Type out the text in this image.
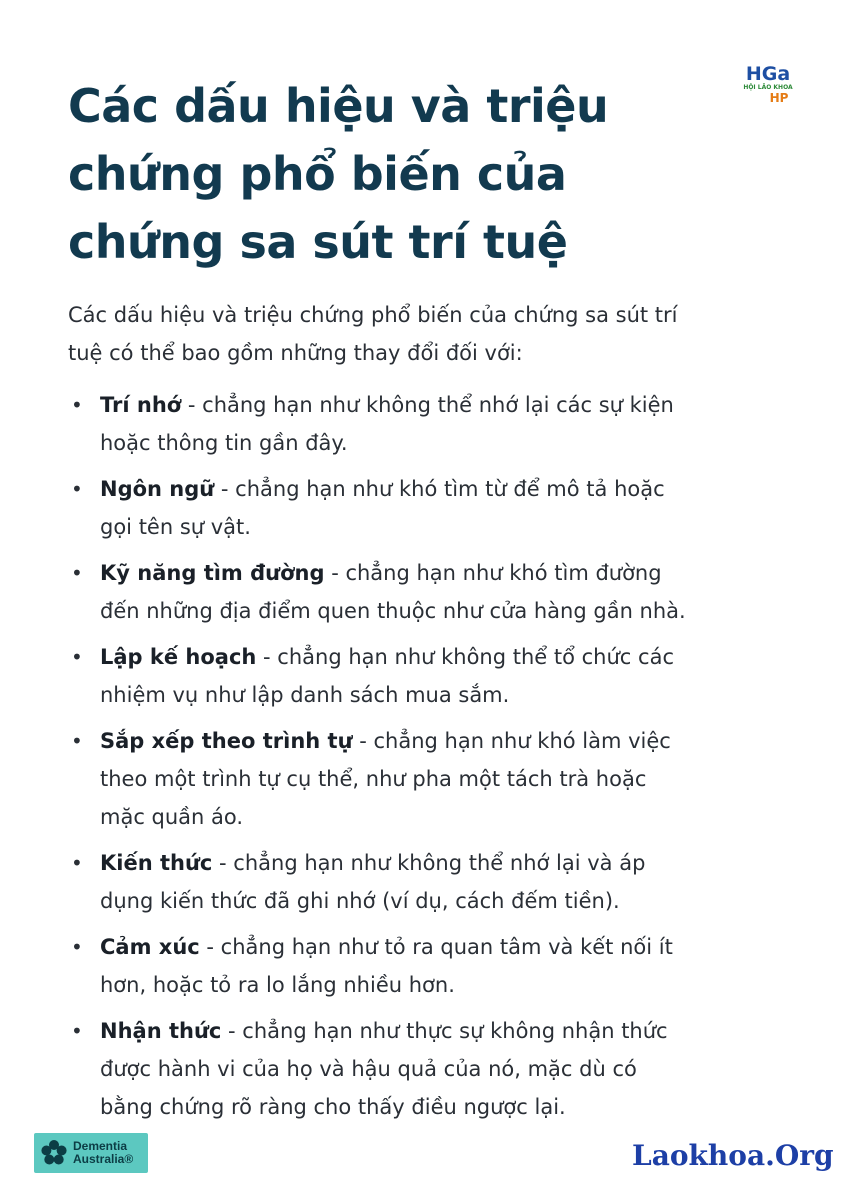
HGa
HỘI LÃO KHOA
HP
Các dấu hiệu và triệu
chứng phổ biến của
chứng sa sút trí tuệ

Các dấu hiệu và triệu chứng phổ biến của chứng sa sút trí
tuệ có thể bao gồm những thay đổi đối với:

• Trí nhớ - chẳng hạn như không thể nhớ lại các sự kiện
hoặc thông tin gần đây.
• Ngôn ngữ - chẳng hạn như khó tìm từ để mô tả hoặc
gọi tên sự vật.
• Kỹ năng tìm đường - chẳng hạn như khó tìm đường
đến những địa điểm quen thuộc như cửa hàng gần nhà.
• Lập kế hoạch - chẳng hạn như không thể tổ chức các
nhiệm vụ như lập danh sách mua sắm.
• Sắp xếp theo trình tự - chẳng hạn như khó làm việc
theo một trình tự cụ thể, như pha một tách trà hoặc
mặc quần áo.
• Kiến thức - chẳng hạn như không thể nhớ lại và áp
dụng kiến thức đã ghi nhớ (ví dụ, cách đếm tiền).
• Cảm xúc - chẳng hạn như tỏ ra quan tâm và kết nối ít
hơn, hoặc tỏ ra lo lắng nhiều hơn.
• Nhận thức - chẳng hạn như thực sự không nhận thức
được hành vi của họ và hậu quả của nó, mặc dù có
bằng chứng rõ ràng cho thấy điều ngược lại.
Dementia
Australia®	Laokhoa.Org
